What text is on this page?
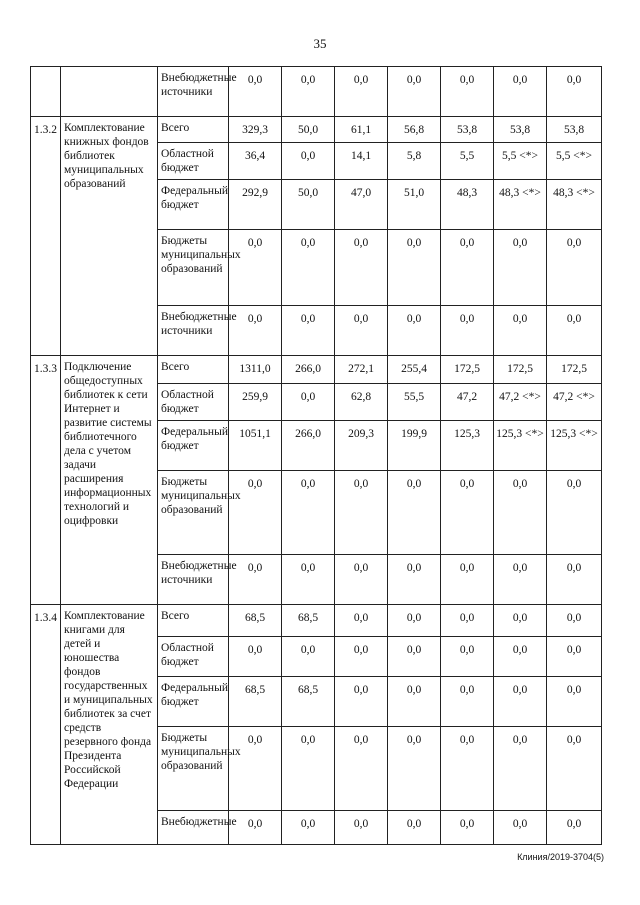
35
		Внебюджетные источники	0,0	0,0	0,0	0,0	0,0	0,0	0,0
1.3.2	Комплектование книжных фондов библиотек муниципальных образований	Всего	329,3	50,0	61,1	56,8	53,8	53,8	53,8
		Областной бюджет	36,4	0,0	14,1	5,8	5,5	5,5 <*>	5,5 <*>
		Федеральный бюджет	292,9	50,0	47,0	51,0	48,3	48,3 <*>	48,3 <*>
		Бюджеты муниципальных образований	0,0	0,0	0,0	0,0	0,0	0,0	0,0
		Внебюджетные источники	0,0	0,0	0,0	0,0	0,0	0,0	0,0
1.3.3	Подключение общедоступных библиотек к сети Интернет и развитие системы библиотечного дела с учетом задачи расширения информационных технологий и оцифровки	Всего	1311,0	266,0	272,1	255,4	172,5	172,5	172,5
		Областной бюджет	259,9	0,0	62,8	55,5	47,2	47,2 <*>	47,2 <*>
		Федеральный бюджет	1051,1	266,0	209,3	199,9	125,3	125,3 <*>	125,3 <*>
		Бюджеты муниципальных образований	0,0	0,0	0,0	0,0	0,0	0,0	0,0
		Внебюджетные источники	0,0	0,0	0,0	0,0	0,0	0,0	0,0
1.3.4	Комплектование книгами для детей и юношества фондов государственных и муниципальных библиотек за счет средств резервного фонда Президента Российской Федерации	Всего	68,5	68,5	0,0	0,0	0,0	0,0	0,0
		Областной бюджет	0,0	0,0	0,0	0,0	0,0	0,0	0,0
		Федеральный бюджет	68,5	68,5	0,0	0,0	0,0	0,0	0,0
		Бюджеты муниципальных образований	0,0	0,0	0,0	0,0	0,0	0,0	0,0
		Внебюджетные	0,0	0,0	0,0	0,0	0,0	0,0	0,0
Клиния/2019-3704(5)
